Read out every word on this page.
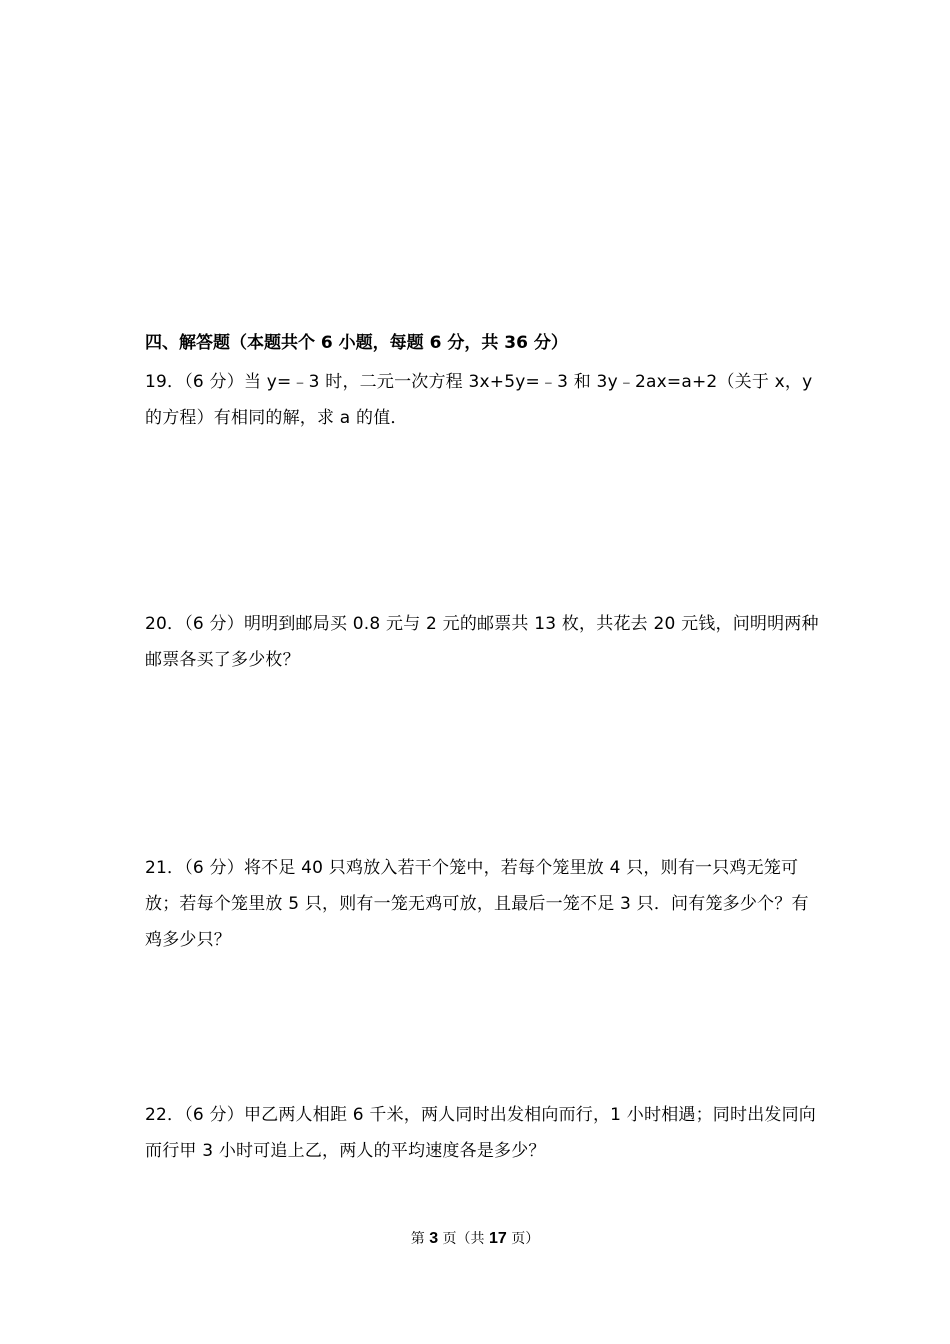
四、解答题（本题共个 6 小题，每题 6 分，共 36 分）
19．（6 分）当 y=﹣3 时，二元一次方程 3x+5y=﹣3 和 3y﹣2ax=a+2（关于 x，y 的方程）有相同的解，求 a 的值．
20．（6 分）明明到邮局买 0.8 元与 2 元的邮票共 13 枚，共花去 20 元钱，问明明两种邮票各买了多少枚？
21．（6 分）将不足 40 只鸡放入若干个笼中，若每个笼里放 4 只，则有一只鸡无笼可放；若每个笼里放 5 只，则有一笼无鸡可放，且最后一笼不足 3 只．问有笼多少个？有鸡多少只？
22．（6 分）甲乙两人相距 6 千米，两人同时出发相向而行，1 小时相遇；同时出发同向而行甲 3 小时可追上乙，两人的平均速度各是多少？
第 3 页（共 17 页）
